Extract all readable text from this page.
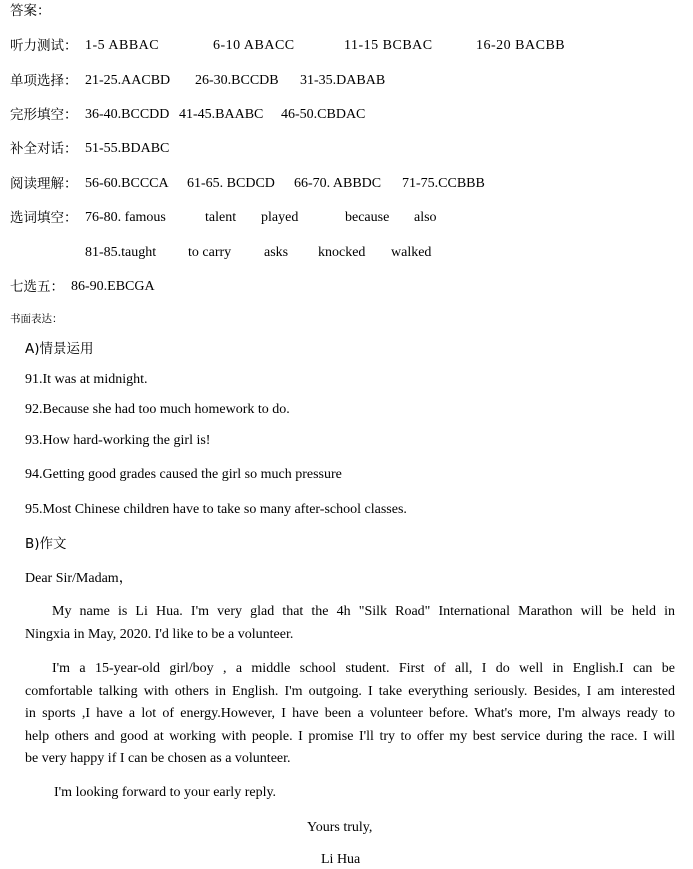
答案：
听力测试： 1-5 ABBAC	6-10 ABACC	11-15 BCBAC	16-20 BACBB
单项选择： 21-25.AACBD 26-30.BCCDB 31-35.DABAB
完形填空： 36-40.BCCDD 41-45.BAABC 46-50.CBDAC
补全对话： 51-55.BDABC
阅读理解： 56-60.BCCCA 61-65. BCDCD 66-70. ABBDC 71-75.CCBBB
选词填空： 76-80. famous	talent played	because also
81-85.taught to carry asks knocked walked
七选五： 86-90.EBCGA
书面表达：
A)情景运用
91.It was at midnight.
92.Because she had too much homework to do.
93.How hard-working the girl is!
94.Getting good grades caused the girl so much pressure
95.Most Chinese children have to take so many after-school classes.
B)作文
Dear Sir/Madam，
My name is Li Hua. I'm very glad that the 4h "Silk Road" International Marathon will be held in
Ningxia in May, 2020. I'd like to be a volunteer.
I'm a 15-year-old girl/boy , a middle school student. First of all, I do well in English.I can be
comfortable talking with others in English. I'm outgoing. I take everything seriously. Besides, I am interested
in sports ,I have a lot of energy.However, I have been a volunteer before. What's more, I'm always ready to
help others and good at working with people. I promise I'll try to offer my best service during the race. I will
be very happy if I can be chosen as a volunteer.
I'm looking forward to your early reply.
Yours truly,
Li Hua
